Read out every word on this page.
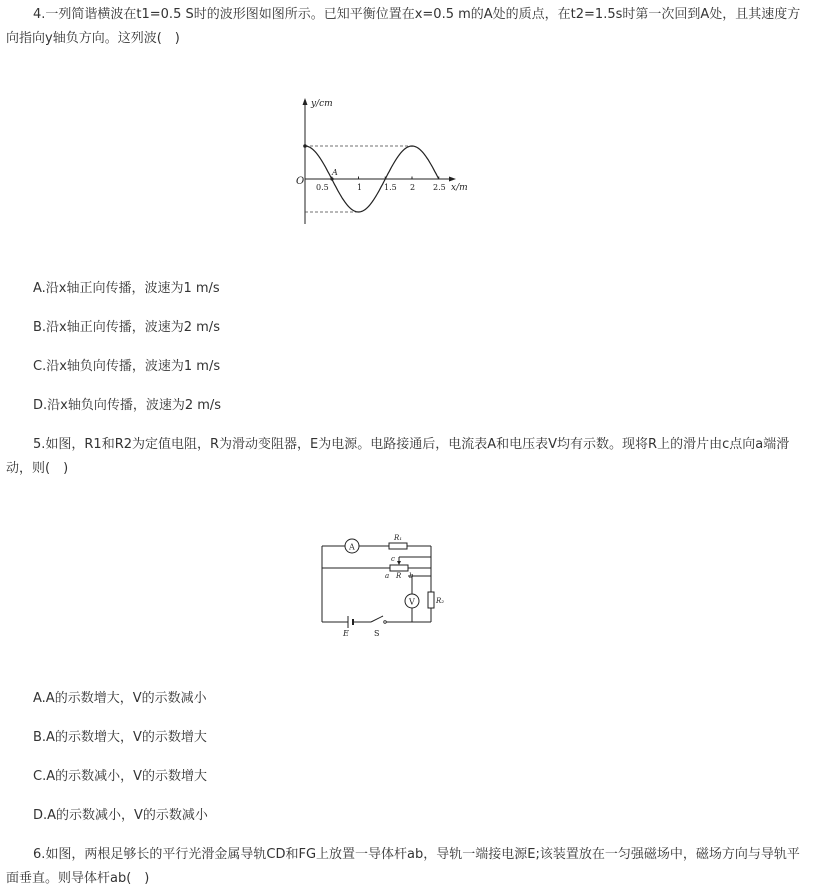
4.一列简谐横波在t1=0.5 S时的波形图如图所示。已知平衡位置在x=0.5 m的A处的质点，在t2=1.5s时第一次回到A处，且其速度方向指向y轴负方向。这列波(　)
y/cm
x/m
O
A
0.5	1	1.5 2 2.5
A.沿x轴正向传播，波速为1 m/s
B.沿x轴正向传播，波速为2 m/s
C.沿x轴负向传播，波速为1 m/s
D.沿x轴负向传播，波速为2 m/s
5.如图，R1和R2为定值电阻，R为滑动变阻器，E为电源。电路接通后，电流表A和电压表V均有示数。现将R上的滑片由c点向a端滑动，则(　)
A
R₁
c
a R b
V	R₂
E	S
A.A的示数增大，V的示数减小
B.A的示数增大，V的示数增大
C.A的示数减小，V的示数增大
D.A的示数减小，V的示数减小
6.如图，两根足够长的平行光滑金属导轨CD和FG上放置一导体杆ab，导轨一端接电源E;该装置放在一匀强磁场中，磁场方向与导轨平面垂直。则导体杆ab(　)
